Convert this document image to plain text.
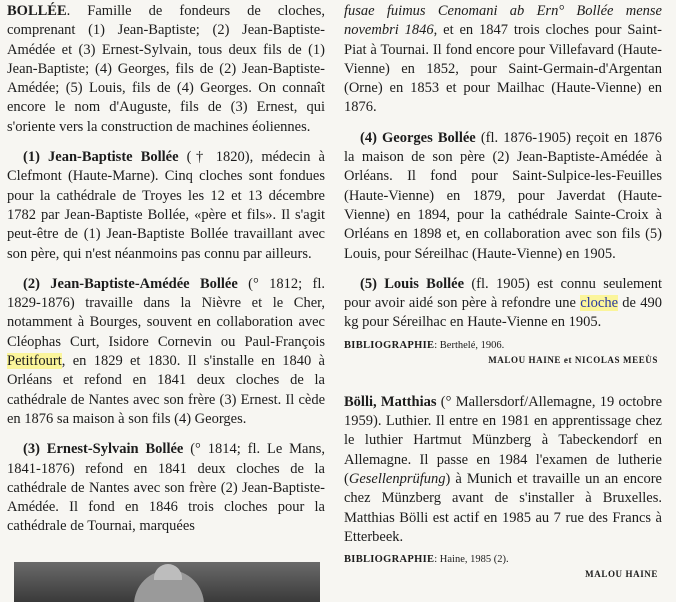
BOLLÉE. Famille de fondeurs de cloches, comprenant (1) Jean-Baptiste; (2) Jean-Baptiste-Amédée et (3) Ernest-Sylvain, tous deux fils de (1) Jean-Baptiste; (4) Georges, fils de (2) Jean-Baptiste-Amédée; (5) Louis, fils de (4) Georges. On connaît encore le nom d'Auguste, fils de (3) Ernest, qui s'oriente vers la construction de machines éoliennes.

(1) Jean-Baptiste Bollée († 1820), médecin à Clefmont (Haute-Marne). Cinq cloches sont fondues pour la cathédrale de Troyes les 12 et 13 décembre 1782 par Jean-Baptiste Bollée, «père et fils». Il s'agit peut-être de (1) Jean-Baptiste Bollée travaillant avec son père, qui n'est néanmoins pas connu par ailleurs.

(2) Jean-Baptiste-Amédée Bollée (° 1812; fl. 1829-1876) travaille dans la Nièvre et le Cher, notamment à Bourges, souvent en collaboration avec Cléophas Curt, Isidore Cornevin ou Paul-François Petitfourt, en 1829 et 1830. Il s'installe en 1840 à Orléans et refond en 1841 deux cloches de la cathédrale de Nantes avec son frère (3) Ernest. Il cède en 1876 sa maison à son fils (4) Georges.

(3) Ernest-Sylvain Bollée (° 1814; fl. Le Mans, 1841-1876) refond en 1841 deux cloches de la cathédrale de Nantes avec son frère (2) Jean-Baptiste-Amédée. Il fond en 1846 trois cloches pour la cathédrale de Tournai, marquées

fusae fuimus Cenomani ab Ern° Bollée mense novembri 1846, et en 1847 trois cloches pour Saint-Piat à Tournai. Il fond encore pour Villefavard (Haute-Vienne) en 1852, pour Saint-Germain-d'Argentan (Orne) en 1853 et pour Mailhac (Haute-Vienne) en 1876.

(4) Georges Bollée (fl. 1876-1905) reçoit en 1876 la maison de son père (2) Jean-Baptiste-Amédée à Orléans. Il fond pour Saint-Sulpice-les-Feuilles (Haute-Vienne) en 1879, pour Javerdat (Haute-Vienne) en 1894, pour la cathédrale Sainte-Croix à Orléans en 1898 et, en collaboration avec son fils (5) Louis, pour Séreilhac (Haute-Vienne) en 1905.

(5) Louis Bollée (fl. 1905) est connu seulement pour avoir aidé son père à refondre une cloche de 490 kg pour Séreilhac en Haute-Vienne en 1905.

BIBLIOGRAPHIE: Berthelé, 1906.
MALOU HAINE et NICOLAS MEEÙS

Bölli, Matthias (° Mallersdorf/Allemagne, 19 octobre 1959). Luthier. Il entre en 1981 en apprentissage chez le luthier Hartmut Münzberg à Tabeckendorf en Allemagne. Il passe en 1984 l'examen de lutherie (Gesellenprüfung) à Munich et travaille un an encore chez Münzberg avant de s'installer à Bruxelles. Matthias Bölli est actif en 1985 au 7 rue des Francs à Etterbeek.

BIBLIOGRAPHIE: Haine, 1985 (2).
MALOU HAINE
